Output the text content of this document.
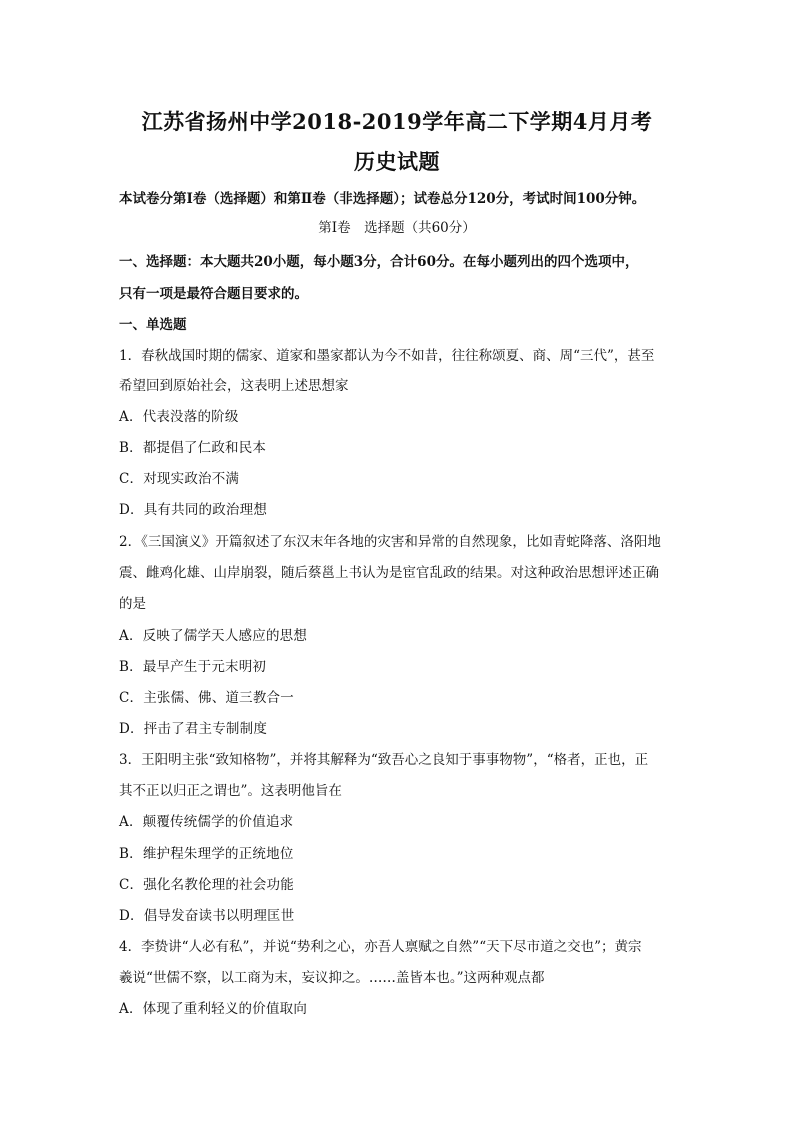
江苏省扬州中学2018-2019学年高二下学期4月月考
历史试题
本试卷分第Ⅰ卷（选择题）和第Ⅱ卷（非选择题）；试卷总分120分，考试时间100分钟。
第Ⅰ卷　选择题（共60分）
一、选择题：本大题共20小题，每小题3分，合计60分。在每小题列出的四个选项中，
只有一项是最符合题目要求的。
一、单选题
1．春秋战国时期的儒家、道家和墨家都认为今不如昔，往往称颂夏、商、周“三代”，甚至
希望回到原始社会，这表明上述思想家
A．代表没落的阶级
B．都提倡了仁政和民本
C．对现实政治不满
D．具有共同的政治理想
2．《三国演义》开篇叙述了东汉末年各地的灾害和异常的自然现象，比如青蛇降落、洛阳地
震、雌鸡化雄、山岸崩裂，随后蔡邕上书认为是宦官乱政的结果。对这种政治思想评述正确
的是
A．反映了儒学天人感应的思想
B．最早产生于元末明初
C．主张儒、佛、道三教合一
D．抨击了君主专制制度
3．王阳明主张“致知格物”，并将其解释为“致吾心之良知于事事物物”，“格者，正也，正
其不正以归正之谓也”。这表明他旨在
A．颠覆传统儒学的价值追求
B．维护程朱理学的正统地位
C．强化名教伦理的社会功能
D．倡导发奋读书以明理匡世
4．李贽讲“人必有私”，并说“势利之心，亦吾人禀赋之自然”“天下尽市道之交也”；黄宗
羲说“世儒不察，以工商为末，妄议抑之。……盖皆本也。”这两种观点都
A．体现了重利轻义的价值取向
